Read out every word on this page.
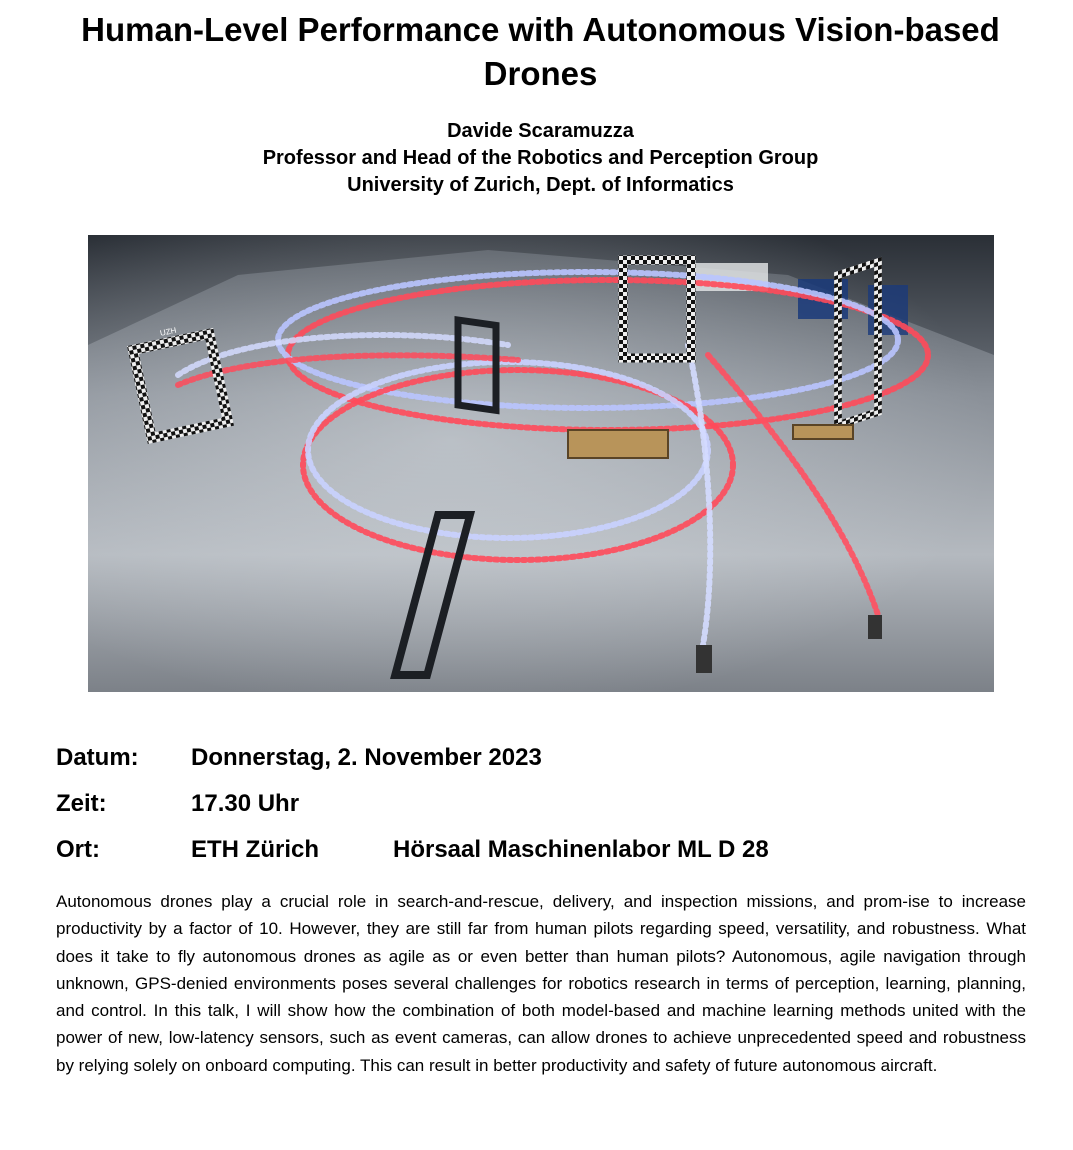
Human-Level Performance with Autonomous Vision-based Drones
Davide Scaramuzza
Professor and Head of the Robotics and Perception Group
University of Zurich, Dept. of Informatics
UZH
Datum: Donnerstag, 2. November 2023
Zeit:	17.30 Uhr
Ort:	ETH Zürich	Hörsaal Maschinenlabor ML D 28

Autonomous drones play a crucial role in search-and-rescue, delivery, and inspection missions, and prom-ise to increase productivity by a factor of 10. However, they are still far from human pilots regarding speed, versatility, and robustness. What does it take to fly autonomous drones as agile as or even better than human pilots? Autonomous, agile navigation through unknown, GPS-denied environments poses several challenges for robotics research in terms of perception, learning, planning, and control. In this talk, I will show how the combination of both model-based and machine learning methods united with the power of new, low-latency sensors, such as event cameras, can allow drones to achieve unprecedented speed and robustness by relying solely on onboard computing. This can result in better productivity and safety of future autonomous aircraft.
